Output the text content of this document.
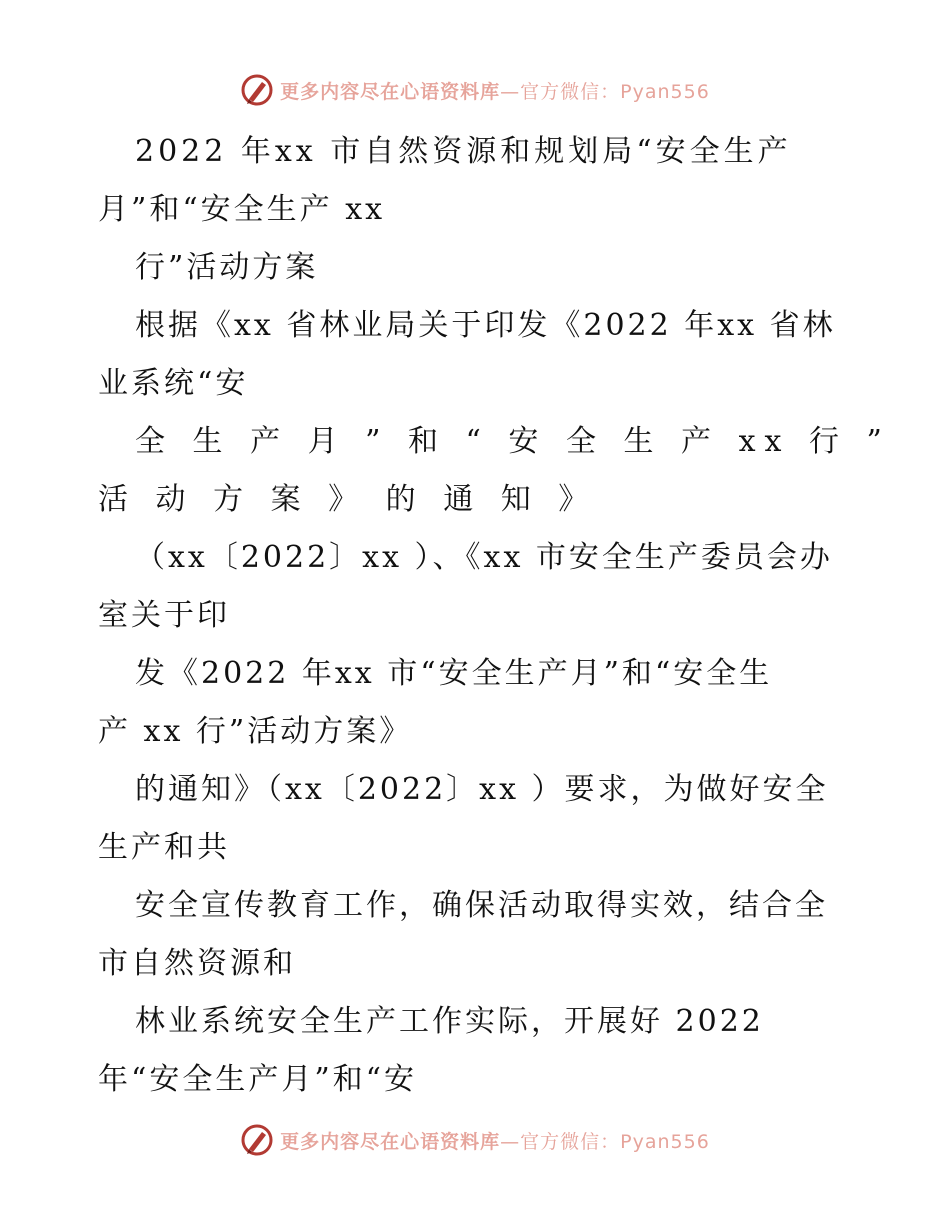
更多内容尽在心语资料库—官方微信：Pyan556
2022 年xx 市自然资源和规划局“安全生产
月”和“安全生产 xx
行”活动方案
根据《xx 省林业局关于印发《2022 年xx 省林
业系统“安
全 生 产 月 ” 和 “ 安 全 生 产 xx 行 ”
活 动 方 案 》 的 通 知 》
（xx〔2022〕xx ）、《xx 市安全生产委员会办
室关于印
发《2022 年xx 市“安全生产月”和“安全生
产 xx 行”活动方案》
的通知》（xx〔2022〕xx ）要求，为做好安全
生产和共
安全宣传教育工作，确保活动取得实效，结合全
市自然资源和
林业系统安全生产工作实际，开展好 2022
年“安全生产月”和“安
更多内容尽在心语资料库—官方微信：Pyan556
